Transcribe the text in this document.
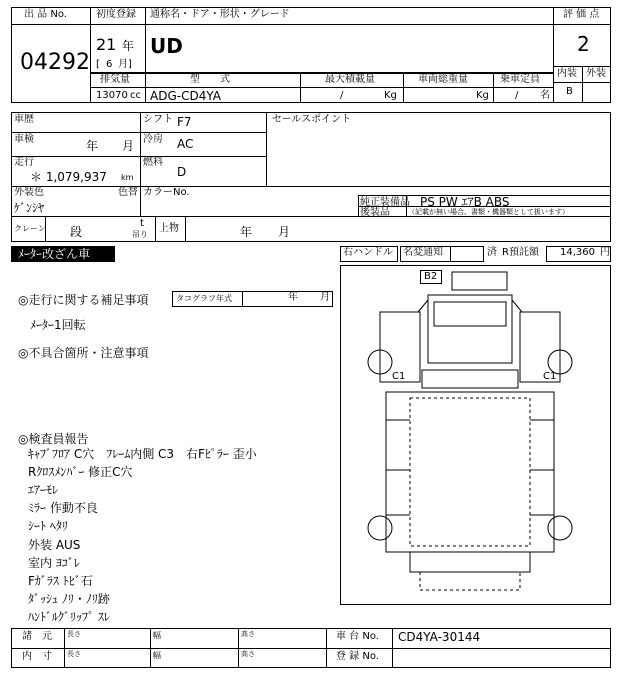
出 品 No.
04292
初度登録 通称名・ドア・形状・グレード
21 年
[ 6 月]
UD
評 価 点
2
内装 外装
B
排気量	型　　式	最大積載量	車両総重量	乗車定員
13070 cc ADG-CD4YA	/	Kg	Kg	/ 名
車歴	シフト F7	セールスポイント
車検	年 月 冷房 AC
走行
＊ 1,079,937 km
燃料
D
外装色
ｹﾞﾝｼﾔ
色替 カラーNo.
純正装備品 PS PW ｴｱB ABS
後装品	（記載が無い場合、書類・機器類として扱います）
クレーン 段
t
吊り
上物	年 月
ﾒｰﾀｰ改ざん車	右ハンドル 名変通知	済 R預託額 14,360 円
◎走行に関する補足事項	タコグラフ年式	年 月
ﾒｰﾀｰ1回転
◎不具合箇所・注意事項
◎検査員報告
ｷｬﾌﾞﾌﾛｱ C穴　ﾌﾚｰﾑ内側 C3　右Fﾋﾟﾗｰ 歪小
Rｸﾛｽﾒﾝﾊﾞｰ 修正C穴
ｴｱｰﾓﾚ
ﾐﾗｰ 作動不良
ｼｰﾄ ﾍﾀﾘ
外装 AUS
室内 ﾖｺﾞﾚ
Fｶﾞﾗｽ ﾄﾋﾞ石
ﾀﾞｯｼｭ ﾉﾘ・ﾉﾘ跡
ﾊﾝﾄﾞﾙｸﾞﾘｯﾌﾟ ｽﾚ
B2
C1	C1
諸　元 長さ	幅	高さ	車 台 No. CD4YA-30144
内　寸 長さ	幅	高さ	登 録 No.
